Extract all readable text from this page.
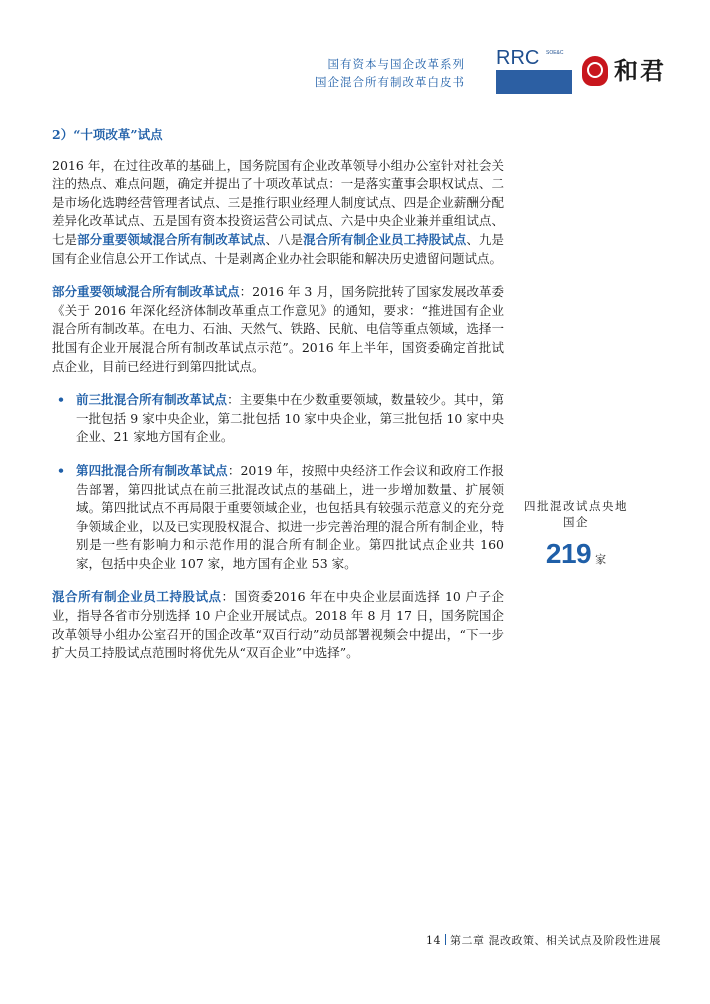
国有资本与国企改革系列
国企混合所有制改革白皮书
RRC	SOE&C
和君
2）“十项改革”试点

2016 年，在过往改革的基础上，国务院国有企业改革领导小组办公室针对社会关注的热点、难点问题，确定并提出了十项改革试点：一是落实董事会职权试点、二是市场化选聘经营管理者试点、三是推行职业经理人制度试点、四是企业薪酬分配差异化改革试点、五是国有资本投资运营公司试点、六是中央企业兼并重组试点、七是部分重要领域混合所有制改革试点、八是混合所有制企业员工持股试点、九是国有企业信息公开工作试点、十是剥离企业办社会职能和解决历史遗留问题试点。

部分重要领域混合所有制改革试点：2016 年 3 月，国务院批转了国家发展改革委《关于 2016 年深化经济体制改革重点工作意见》的通知，要求：“推进国有企业混合所有制改革。在电力、石油、天然气、铁路、民航、电信等重点领域，选择一批国有企业开展混合所有制改革试点示范”。2016 年上半年，国资委确定首批试点企业，目前已经进行到第四批试点。

• 前三批混合所有制改革试点：主要集中在少数重要领域，数量较少。其中，第一批包括 9 家中央企业，第二批包括 10 家中央企业，第三批包括 10 家中央企业、21 家地方国有企业。
• 第四批混合所有制改革试点：2019 年，按照中央经济工作会议和政府工作报告部署，第四批试点在前三批混改试点的基础上，进一步增加数量、扩展领域。第四批试点不再局限于重要领域企业，也包括具有较强示范意义的充分竞争领域企业，以及已实现股权混合、拟进一步完善治理的混合所有制企业，特别是一些有影响力和示范作用的混合所有制企业。第四批试点企业共 160 家，包括中央企业 107 家，地方国有企业 53 家。

混合所有制企业员工持股试点：国资委2016 年在中央企业层面选择 10 户子企业，指导各省市分别选择 10 户企业开展试点。2018 年 8 月 17 日，国务院国企改革领导小组办公室召开的国企改革“双百行动”动员部署视频会中提出，“下一步扩大员工持股试点范围时将优先从“双百企业”中选择”。

四批混改试点央地国企
219 家
14 第二章 混改政策、相关试点及阶段性进展
